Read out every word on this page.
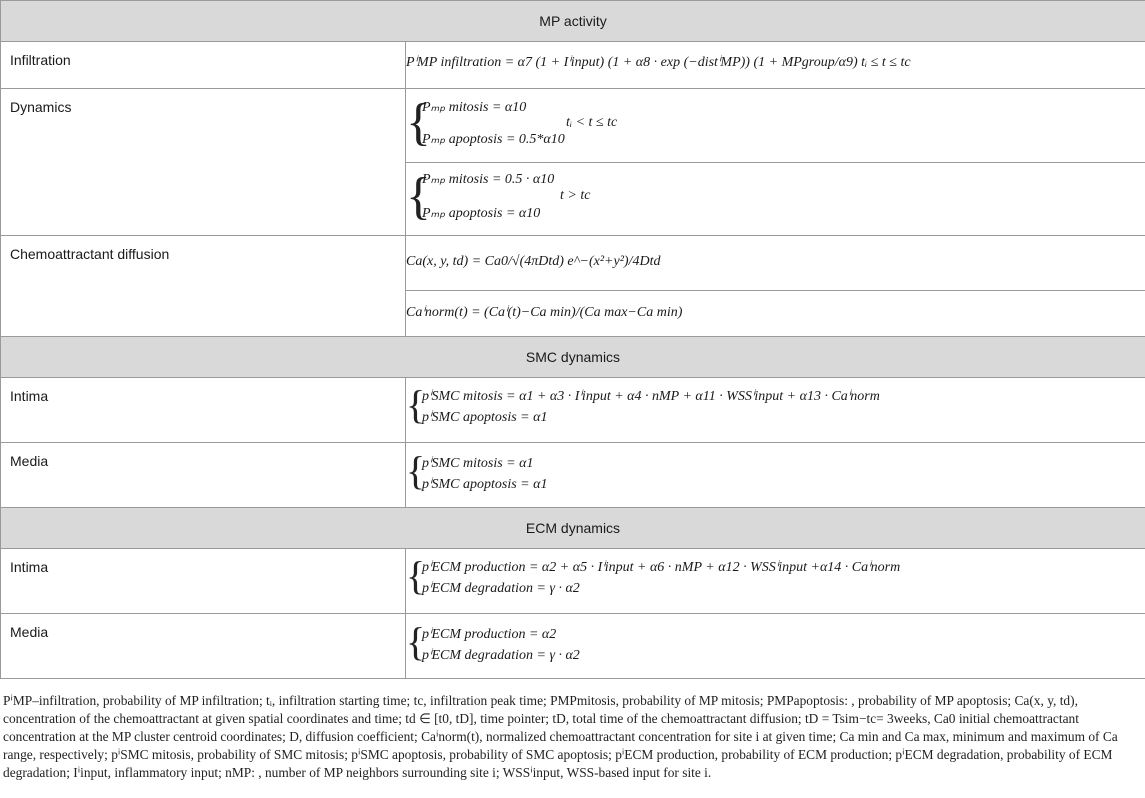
MP activity	
Infiltration	PⁱMP infiltration = α7 (1 + Iⁱinput) (1 + α8 · exp (−distⁱMP)) (1 + MPgroup/α9) tᵢ ≤ t ≤ tc

Dynamics	{
Pₘₚ mitosis = α10
Pₘₚ apoptosis = 0.5*α10
tᵢ < t ≤ tc

	{
Pₘₚ mitosis = 0.5 · α10
Pₘₚ apoptosis = α10
t > tc

Chemoattractant diffusion	Ca(x, y, td) = Ca0/√(4πDtd) e^−(x²+y²)/4Dtd

	Caⁱnorm(t) = (Caⁱ(t)−Ca min)/(Ca max−Ca min)

SMC dynamics	
Intima	{
pⁱSMC mitosis = α1 + α3 · Iⁱinput + α4 · nMP + α11 · WSSⁱinput + α13 · Caⁱnorm
pⁱSMC apoptosis = α1

Media	{
pⁱSMC mitosis = α1
pⁱSMC apoptosis = α1

ECM dynamics	
Intima	{
pⁱECM production = α2 + α5 · Iⁱinput + α6 · nMP + α12 · WSSⁱinput +α14 · Caⁱnorm
pⁱECM degradation = γ · α2

Media	{
pⁱECM production = α2
pⁱECM degradation = γ · α2

PⁱMP–infiltration, probability of MP infiltration; tᵢ, infiltration starting time; tc, infiltration peak time; PMPmitosis, probability of MP mitosis; PMPapoptosis: , probability of MP apoptosis; Ca(x, y, td), concentration of the chemoattractant at given spatial coordinates and time; td ∈ [t0, tD], time pointer; tD, total time of the chemoattractant diffusion; tD = Tsim−tc= 3weeks, Ca0 initial chemoattractant concentration at the MP cluster centroid coordinates; D, diffusion coefficient; Caⁱnorm(t), normalized chemoattractant concentration for site i at given time; Ca min and Ca max, minimum and maximum of Ca range, respectively; pⁱSMC mitosis, probability of SMC mitosis; pⁱSMC apoptosis, probability of SMC apoptosis; pⁱECM production, probability of ECM production; pⁱECM degradation, probability of ECM degradation; Iⁱinput, inflammatory input; nMP: , number of MP neighbors surrounding site i; WSSⁱinput, WSS-based input for site i.
